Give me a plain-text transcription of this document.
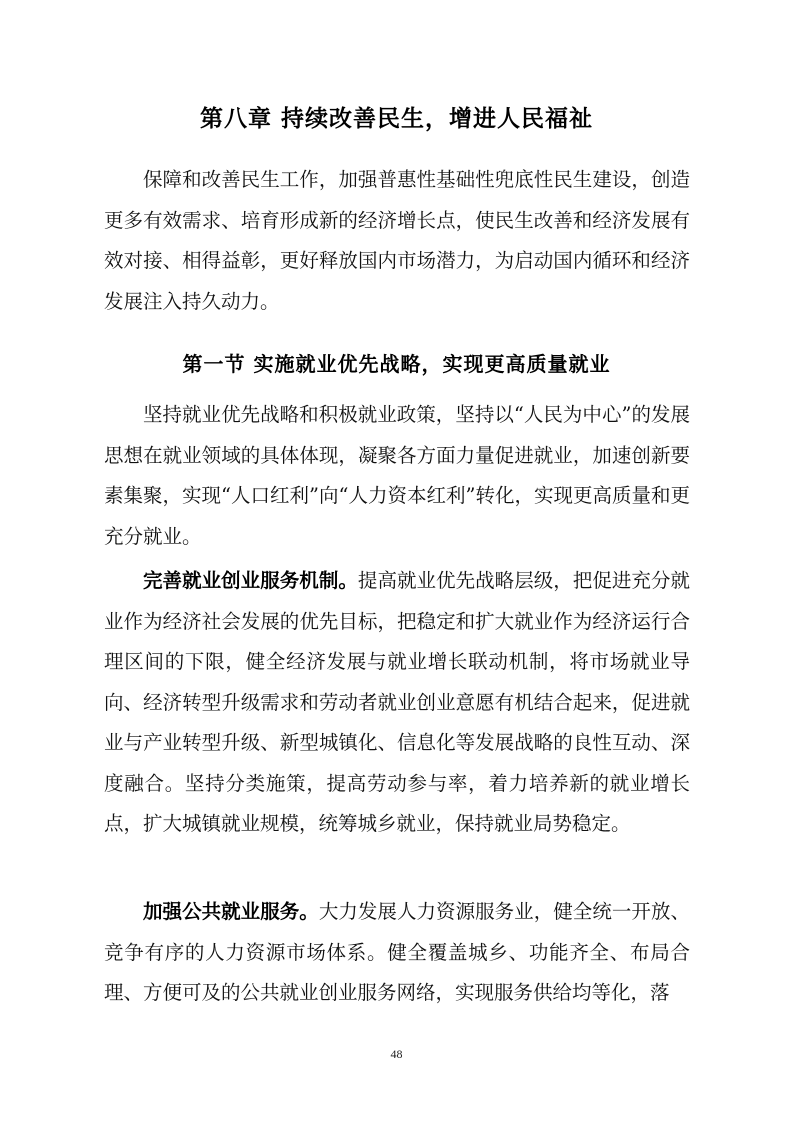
第八章 持续改善民生，增进人民福祉

保障和改善民生工作，加强普惠性基础性兜底性民生建设，创造更多有效需求、培育形成新的经济增长点，使民生改善和经济发展有效对接、相得益彰，更好释放国内市场潜力，为启动国内循环和经济发展注入持久动力。

第一节 实施就业优先战略，实现更高质量就业

坚持就业优先战略和积极就业政策，坚持以“人民为中心”的发展思想在就业领域的具体体现，凝聚各方面力量促进就业，加速创新要素集聚，实现“人口红利”向“人力资本红利”转化，实现更高质量和更充分就业。

完善就业创业服务机制。提高就业优先战略层级，把促进充分就业作为经济社会发展的优先目标，把稳定和扩大就业作为经济运行合理区间的下限，健全经济发展与就业增长联动机制，将市场就业导向、经济转型升级需求和劳动者就业创业意愿有机结合起来，促进就业与产业转型升级、新型城镇化、信息化等发展战略的良性互动、深度融合。坚持分类施策，提高劳动参与率，着力培养新的就业增长点，扩大城镇就业规模，统筹城乡就业，保持就业局势稳定。

加强公共就业服务。大力发展人力资源服务业，健全统一开放、竞争有序的人力资源市场体系。健全覆盖城乡、功能齐全、布局合理、方便可及的公共就业创业服务网络，实现服务供给均等化，落

48
